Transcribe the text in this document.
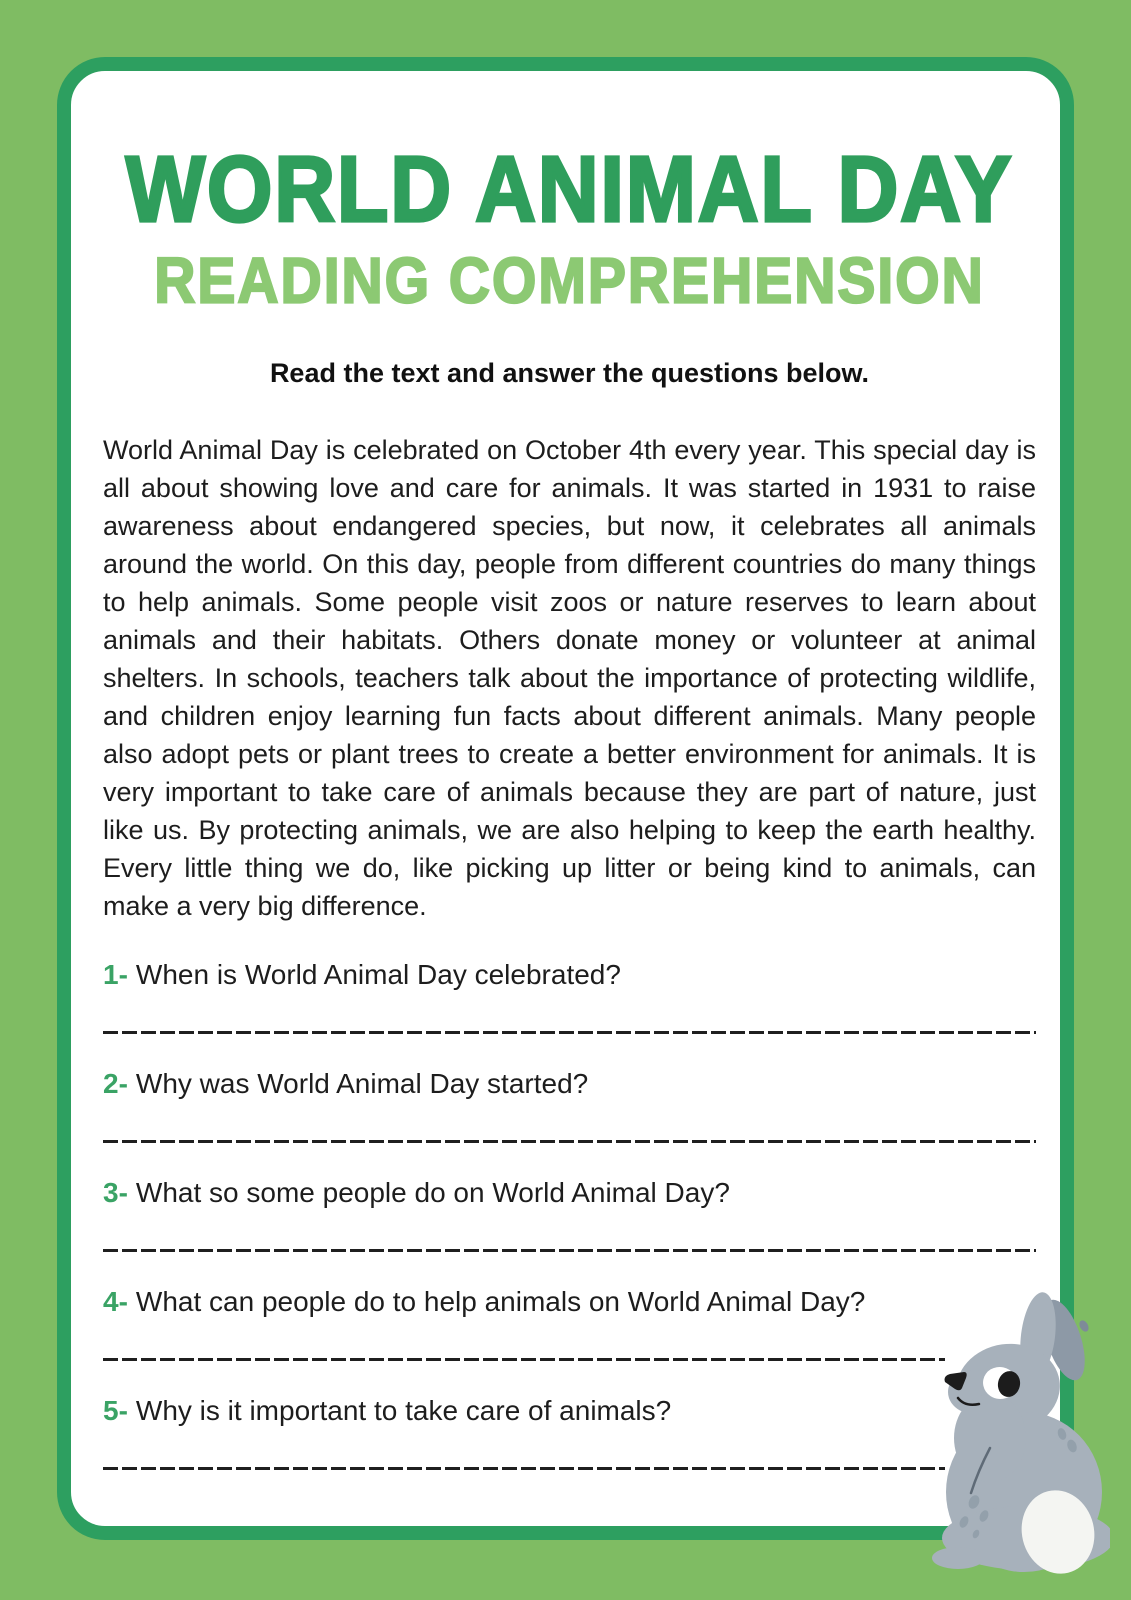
WORLD ANIMAL DAY
READING COMPREHENSION
Read the text and answer the questions below.

World Animal Day is celebrated on October 4th every year. This special day is all about showing love and care for animals. It was started in 1931 to raise awareness about endangered species, but now, it celebrates all animals around the world. On this day, people from different countries do many things to help animals. Some people visit zoos or nature reserves to learn about animals and their habitats. Others donate money or volunteer at animal shelters. In schools, teachers talk about the importance of protecting wildlife, and children enjoy learning fun facts about different animals. Many people also adopt pets or plant trees to create a better environment for animals. It is very important to take care of animals because they are part of nature, just like us. By protecting animals, we are also helping to keep the earth healthy. Every little thing we do, like picking up litter or being kind to animals, can make a very big difference.

1- When is World Animal Day celebrated?

2- Why was World Animal Day started?

3- What so some people do on World Animal Day?

4- What can people do to help animals on World Animal Day?

5- Why is it important to take care of animals?
